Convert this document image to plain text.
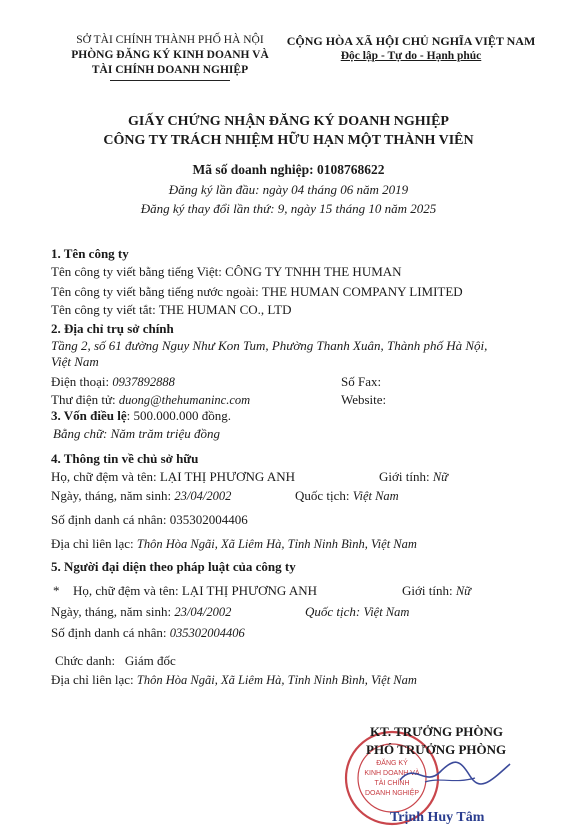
SỞ TÀI CHÍNH THÀNH PHỐ HÀ NỘI
PHÒNG ĐĂNG KÝ KINH DOANH VÀ
TÀI CHÍNH DOANH NGHIỆP
CỘNG HÒA XÃ HỘI CHỦ NGHĨA VIỆT NAM
Độc lập - Tự do - Hạnh phúc
GIẤY CHỨNG NHẬN ĐĂNG KÝ DOANH NGHIỆP
CÔNG TY TRÁCH NHIỆM HỮU HẠN MỘT THÀNH VIÊN
Mã số doanh nghiệp: 0108768622
Đăng ký lần đầu: ngày 04 tháng 06 năm 2019
Đăng ký thay đổi lần thứ: 9, ngày 15 tháng 10 năm 2025
1. Tên công ty
Tên công ty viết bằng tiếng Việt: CÔNG TY TNHH THE HUMAN
Tên công ty viết bằng tiếng nước ngoài: THE HUMAN COMPANY LIMITED
Tên công ty viết tắt: THE HUMAN CO., LTD
2. Địa chỉ trụ sở chính
Tầng 2, số 61 đường Nguy Như Kon Tum, Phường Thanh Xuân, Thành phố Hà Nội,
Việt Nam
Điện thoại: 0937892888	Số Fax:
Thư điện tử: duong@thehumaninc.com	Website:
3. Vốn điều lệ: 500.000.000 đồng.
Bằng chữ: Năm trăm triệu đồng
4. Thông tin về chủ sở hữu
Họ, chữ đệm và tên: LẠI THỊ PHƯƠNG ANH	Giới tính: Nữ
Ngày, tháng, năm sinh: 23/04/2002	Quốc tịch: Việt Nam
Số định danh cá nhân: 035302004406
Địa chỉ liên lạc: Thôn Hòa Ngãi, Xã Liêm Hà, Tỉnh Ninh Bình, Việt Nam
5. Người đại diện theo pháp luật của công ty
* Họ, chữ đệm và tên: LẠI THỊ PHƯƠNG ANH	Giới tính: Nữ
Ngày, tháng, năm sinh: 23/04/2002	Quốc tịch: Việt Nam
Số định danh cá nhân: 035302004406
Chức danh: Giám đốc
Địa chỉ liên lạc: Thôn Hòa Ngãi, Xã Liêm Hà, Tỉnh Ninh Bình, Việt Nam
ĐĂNG KÝ
KINH DOANH VÀ
TÀI CHÍNH
DOANH NGHIỆP
KT. TRƯỞNG PHÒNG
PHÓ TRƯỞNG PHÒNG
Trịnh Huy Tâm
